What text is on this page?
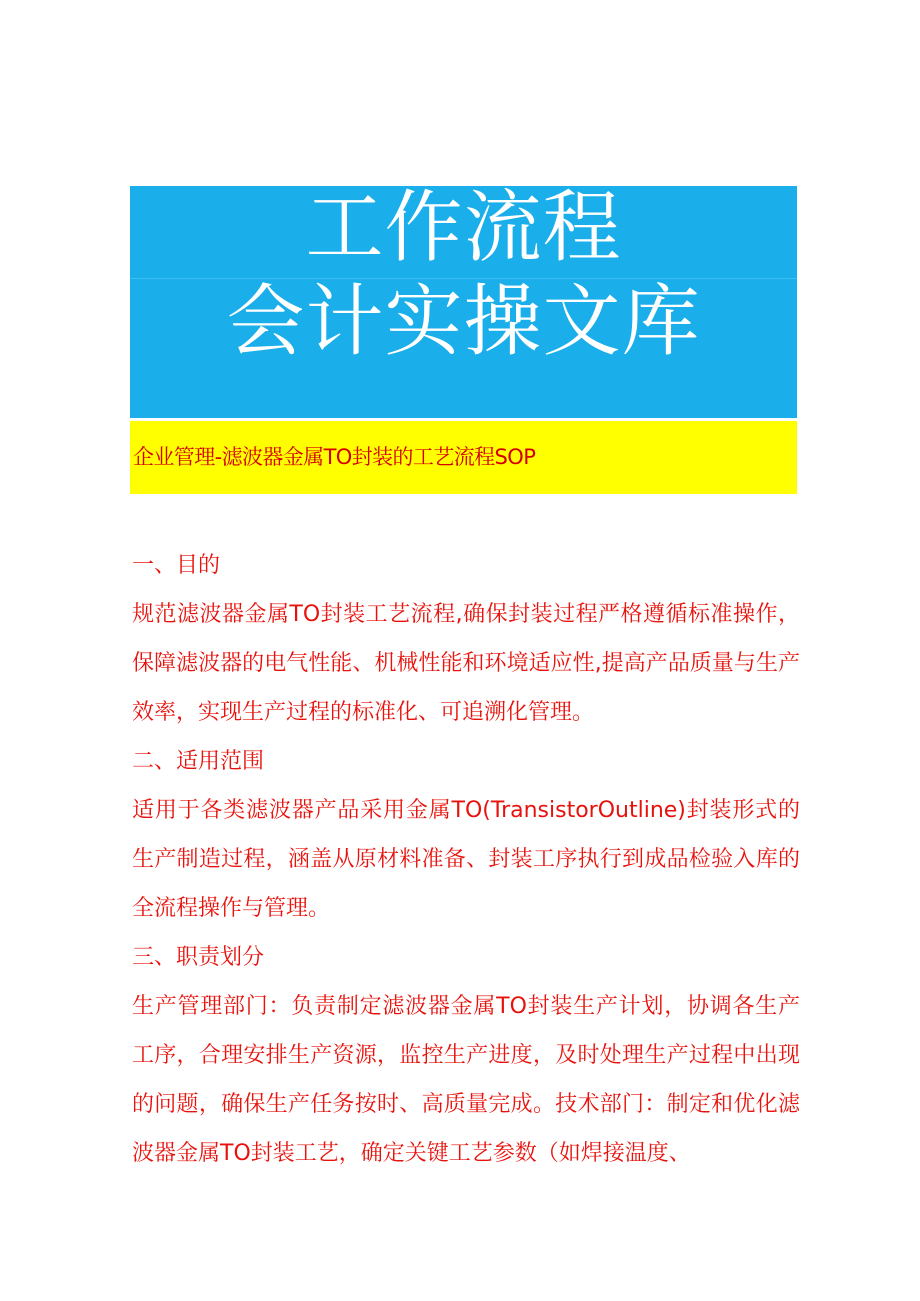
工作流程
会计实操文库
企业管理-滤波器金属TO封装的工艺流程SOP

一、目的

规范滤波器金属TO封装工艺流程,确保封装过程严格遵循标准操作，保障滤波器的电气性能、机械性能和环境适应性,提高产品质量与生产效率，实现生产过程的标准化、可追溯化管理。

二、适用范围

适用于各类滤波器产品采用金属TO(TransistorOutline)封装形式的生产制造过程，涵盖从原材料准备、封装工序执行到成品检验入库的全流程操作与管理。

三、职责划分

生产管理部门：负责制定滤波器金属TO封装生产计划，协调各生产工序，合理安排生产资源，监控生产进度，及时处理生产过程中出现的问题，确保生产任务按时、高质量完成。技术部门：制定和优化滤波器金属TO封装工艺，确定关键工艺参数（如焊接温度、
